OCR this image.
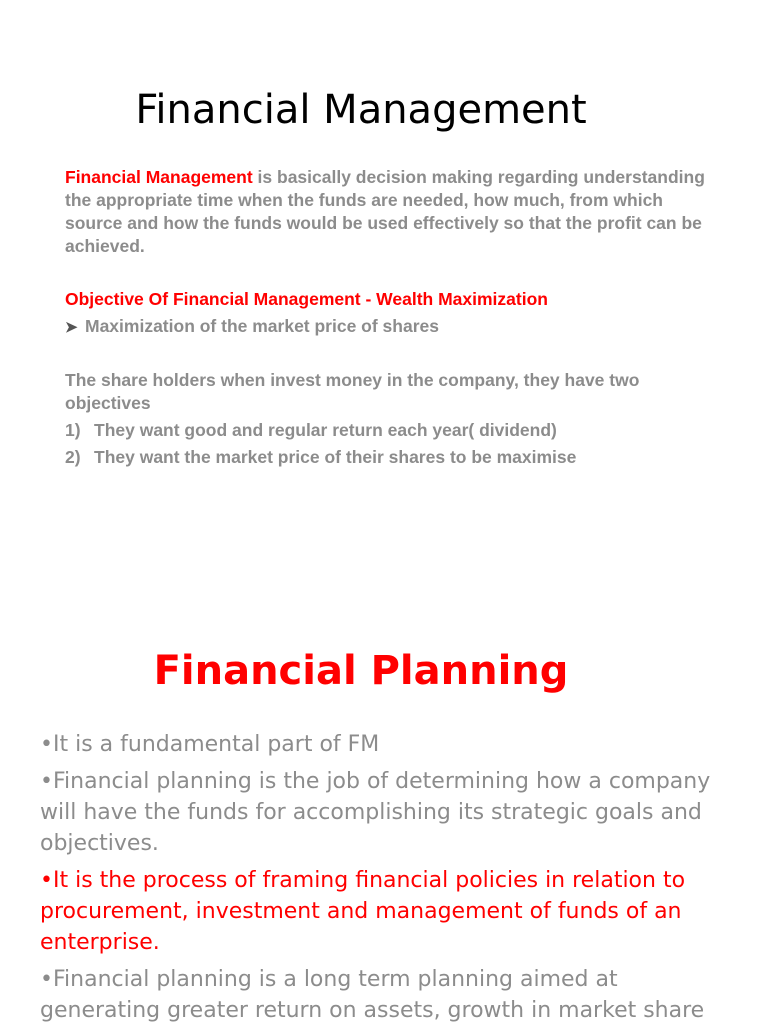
Financial Management
Financial Management is basically decision making regarding understanding the appropriate time when the funds are needed, how much, from which source and how the funds would be used effectively so that the profit can be achieved.
Objective Of Financial Management - Wealth Maximization
➤ Maximization of the market price of shares
The share holders when invest money in the company, they have two objectives
1) They want good and regular return each year( dividend)
2) They want the market price of their shares to be maximise
Financial Planning
•It is a fundamental part of FM
•Financial planning is the job of determining how a company will have the funds for accomplishing its strategic goals and objectives.
•It is the process of framing financial policies in relation to procurement, investment and management of funds of an enterprise.
•Financial planning is a long term planning aimed at generating greater return on assets, growth in market share
